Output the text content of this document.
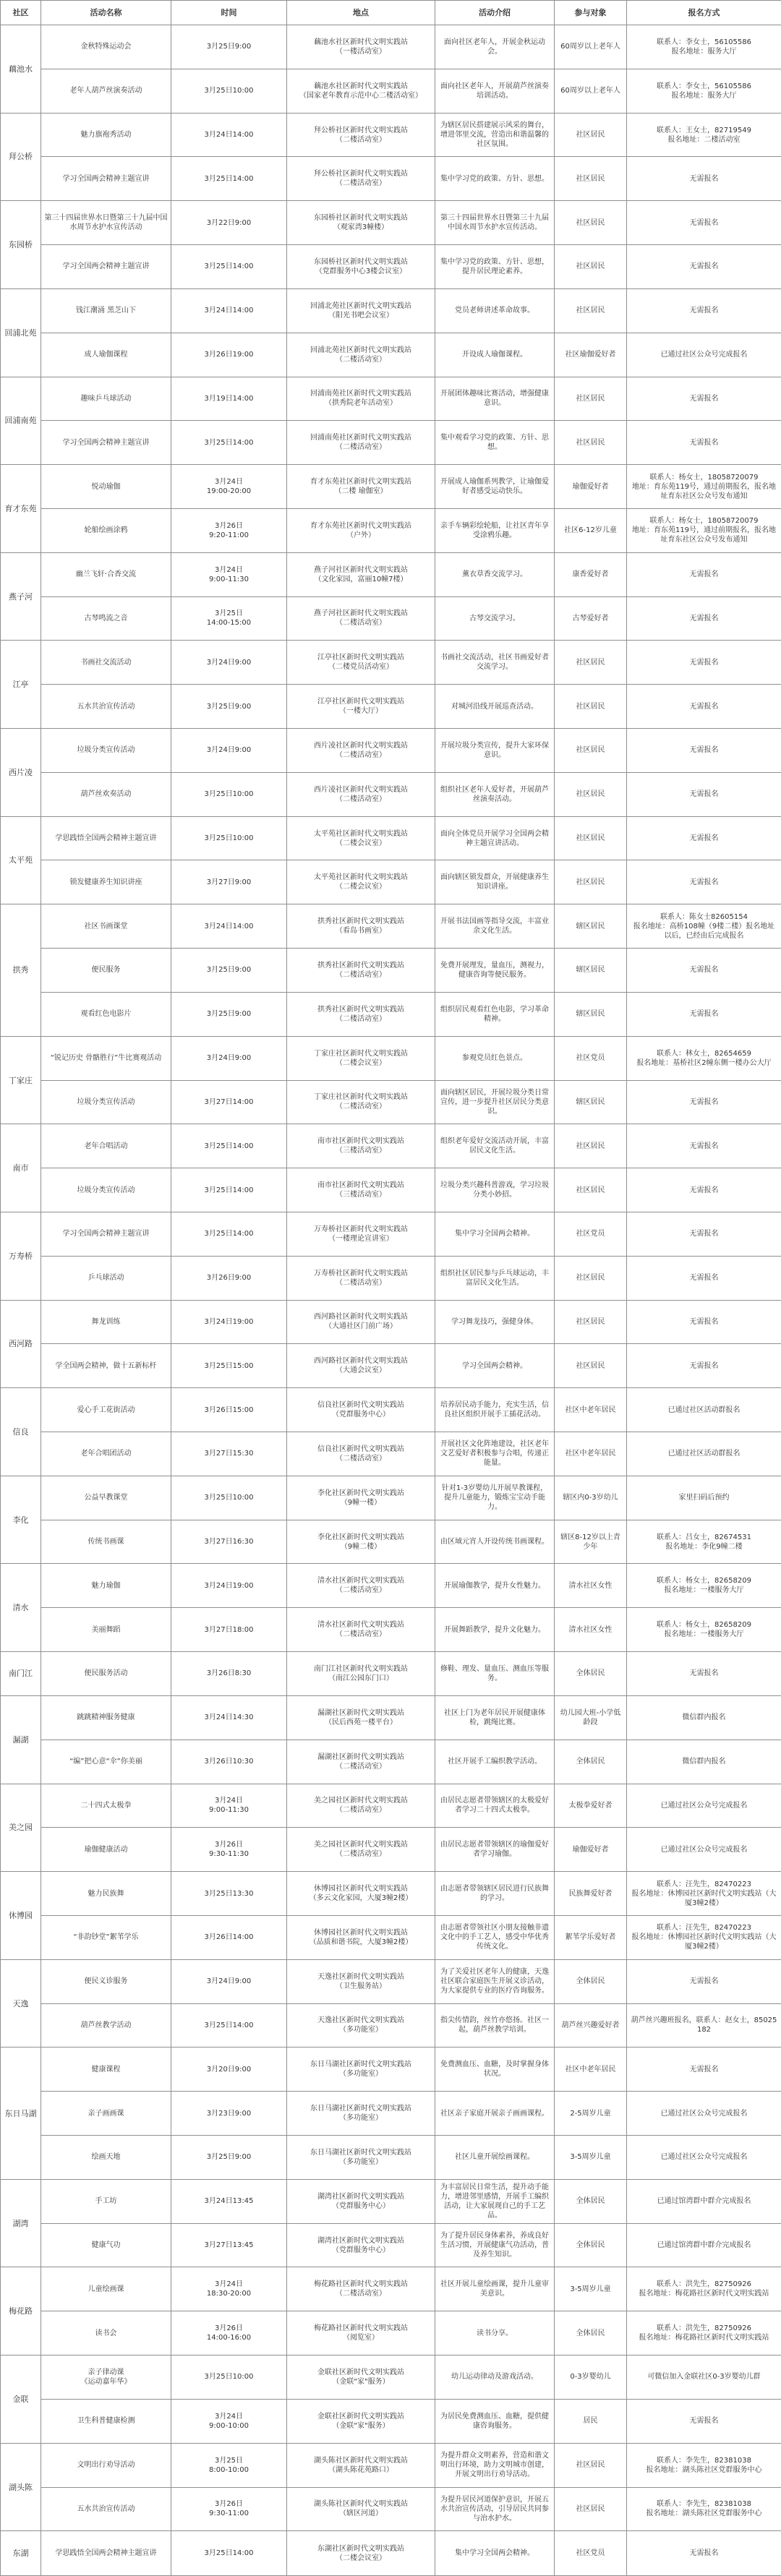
社区	活动名称	时间	地点	活动介绍	参与对象	报名方式
藕池水	金秋特殊运动会	3月25日9:00	藕池水社区新时代文明实践站
（一楼活动室）	面向社区老年人，开展金秋运动会。	60周岁以上老年人	联系人：李女士，56105586
报名地址：服务大厅
	老年人葫芦丝演奏活动	3月25日10:00	藕池水社区新时代文明实践站
（国家老年教育示范中心二楼活动室）	面向社区老年人，开展葫芦丝演奏培训活动。	60周岁以上老年人	联系人：李女士，56105586
报名地址：服务大厅
拜公桥	魅力旗袍秀活动	3月24日14:00	拜公桥社区新时代文明实践站
（二楼活动室）	为辖区居民搭建展示风采的舞台，增进邻里交流，营造出和谐温馨的社区氛围。	社区居民	联系人：王女士，82719549
报名地址：二楼活动室
	学习全国两会精神主题宣讲	3月25日14:00	拜公桥社区新时代文明实践站
（二楼活动室）	集中学习党的政策、方针、思想。	社区居民	无需报名
东园桥	第三十四届世界水日暨第三十九届中国水周节水护水宣传活动	3月22日9:00	东园桥社区新时代文明实践站
（观家湾3幢楼）	第三十四届世界水日暨第三十九届中国水周节水护水宣传活动。	社区居民	无需报名
	学习全国两会精神主题宣讲	3月25日14:00	东园桥社区新时代文明实践站
（党群服务中心3楼会议室）	集中学习党的政策、方针、思想，提升居民理论素养。	社区居民	无需报名
回浦北苑	钱江潮涌 黑芝山下	3月24日14:00	回浦北苑社区新时代文明实践站
（阳光书吧会议室）	党员老师讲述革命故事。	社区居民	无需报名
	成人瑜伽课程	3月26日19:00	回浦北苑社区新时代文明实践站
（二楼活动室）	开设成人瑜伽课程。	社区瑜伽爱好者	已通过社区公众号完成报名
回浦南苑	趣味乒乓球活动	3月19日14:00	回浦南苑社区新时代文明实践站
（拱秀院老年活动室）	开展团体趣味比赛活动，增强健康意识。	社区居民	无需报名
	学习全国两会精神主题宣讲	3月25日14:00	回浦南苑社区新时代文明实践站
（二楼活动室）	集中观看学习党的政策、方针、思想。	社区居民	无需报名
育才东苑	悦动瑜伽	3月24日
19:00-20:00	育才东苑社区新时代文明实践站
（二楼 瑜伽室）	开展成人瑜伽系列教学，让瑜伽爱好者感受运动快乐。	瑜伽爱好者	联系人：杨女士，18058720079
地址：育东苑119号，通过前期报名，报名地址育东社区公众号发布通知
	轮船绘画涂鸦	3月26日
9:20-11:00	育才东苑社区新时代文明实践站
（户外）	亲手车辆彩绘轮船，让社区青年享受涂鸦乐趣。	社区6-12岁儿童	联系人：杨女士，18058720079
地址：育东苑119号，通过前期报名，报名地址育东社区公众号发布通知
燕子河	幽兰飞轩·合香交流	3月24日
9:00-11:30	燕子河社区新时代文明实践站
（文化家园，富丽10幢7楼）	薰衣草香交流学习。	康香爱好者	无需报名
	古琴鸣流之音	3月25日
14:00-15:00	燕子河社区新时代文明实践站
（二楼活动室）	古琴交流学习。	古琴爱好者	无需报名
江亭	书画社交流活动	3月24日9:00	江亭社区新时代文明实践站
（二楼党员活动室）	书画社交流活动，社区书画爱好者交流学习。	社区居民	无需报名
	五水共治宣传活动	3月25日9:00	江亭社区新时代文明实践站
（一楼大厅）	对城河沿线开展巡查活动。	社区居民	无需报名
西片凌	垃圾分类宣传活动	3月24日9:00	西片凌社区新时代文明实践站
（二楼活动室）	开展垃圾分类宣传，提升大家环保意识。	社区居民	无需报名
	葫芦丝欢奏活动	3月25日10:00	西片凌社区新时代文明实践站
（二楼活动室）	组织社区老年人爱好者，开展葫芦丝演奏活动。	社区居民	无需报名
太平苑	学思践悟全国两会精神主题宣讲	3月25日10:00	太平苑社区新时代文明实践站
（二楼会议室）	面向全体党员开展学习全国两会精神主题宣讲活动。	社区居民	无需报名
	锁发健康养生知识讲座	3月27日9:00	太平苑社区新时代文明实践站
（二楼会议室）	面向辖区锁发群众，开展健康养生知识讲座。	社区居民	无需报名
拱秀	社区书画课堂	3月24日14:00	拱秀社区新时代文明实践站
（看岛书画室）	开展书法国画等指导交流，丰富业余文化生活。	辖区居民	联系人：陈女士82605154
报名地址：高桥108幢（9楼二楼）报名地址以后，已经由后完成报名
	便民服务	3月25日9:00	拱秀社区新时代文明实践站
（二楼活动室）	免费开展理发，量血压，测视力，健康咨询等便民服务。	辖区居民	无需报名
	观看红色电影片	3月25日9:00	拱秀社区新时代文明实践站
（二楼活动室）	组织居民观看红色电影，学习革命精神。	辖区居民	无需报名
丁家庄	“锐记历史 骨骼胜行”牛比赛观活动	3月24日9:00	丁家庄社区新时代文明实践站
（二楼会议室）	参观党员红色景点。	社区党员	联系人：林女士，82654659
报名地址：基桥社区2幢东侧一楼办公大厅
	垃圾分类宣传活动	3月27日14:00	丁家庄社区新时代文明实践站
（二楼活动室）	面向辖区居民，开展垃圾分类日常宣传，进一步提升社区居民分类意识。	辖区居民	无需报名
南市	老年合唱活动	3月25日14:00	南市社区新时代文明实践站
（三楼活动室）	组织老年爱好交流活动开展，丰富居民文化生活。	社区居民	无需报名
	垃圾分类宣传活动	3月25日14:00	南市社区新时代文明实践站
（三楼活动室）	垃圾分类兴趣科普游戏，学习垃圾分类小妙招。	社区居民	无需报名
万寿桥	学习全国两会精神主题宣讲	3月25日14:00	万寿桥社区新时代文明实践站
（一楼理论宣讲室）	集中学习全国两会精神。	社区党员	无需报名
	乒乓球活动	3月26日9:00	万寿桥社区新时代文明实践站
（二楼活动室）	组织社区居民参与乒乓球运动，丰富居民文化生活。	社区居民	无需报名
西河路	舞龙训练	3月24日19:00	西河路社区新时代文明实践站
（大通社区门前广场）	学习舞龙技巧，强健身体。	社区居民	无需报名
	学全国两会精神，做十五新标杆	3月25日15:00	西河路社区新时代文明实践站
（大通会议室）	学习全国两会精神。	社区居民	无需报名
信良	爱心手工花街活动	3月26日15:00	信良社区新时代文明实践站
（党群服务中心）	培养居民动手能力，充实生活，信良社区组织开展手工插花活动。	社区中老年居民	已通过社区活动群报名
	老年合唱团活动	3月27日15:30	信良社区新时代文明实践站
（二楼活动室）	开展社区文化阵地建设，社区老年文艺爱好者积极参与合唱，传递正能量。	社区中老年居民	已通过社区活动群报名
李化	公益早教课堂	3月25日10:00	李化社区新时代文明实践站
（9幢一楼）	针对1-3岁婴幼儿开展早教课程，提升儿童能力，锻炼宝宝动手能力。	辖区内0-3岁幼儿	家里扫码后预约
	传统书画课	3月27日16:30	李化社区新时代文明实践站
（9幢二楼）	由区域元宵人开设传统书画课程。	辖区8-12岁以上青少年	联系人：吕女士，82674531
报名地址：李化9幢二楼
清水	魅力瑜伽	3月24日19:00	清水社区新时代文明实践站
（二楼活动室）	开展瑜伽教学，提升女性魅力。	清水社区女性	联系人：杨女士，82658209
报名地址：一楼服务大厅
	美丽舞蹈	3月27日18:00	清水社区新时代文明实践站
（二楼活动室）	开展舞蹈教学，提升文化魅力。	清水社区女性	联系人：杨女士，82658209
报名地址：一楼服务大厅
南门江	便民服务活动	3月26日8:30	南门江社区新时代文明实践站
（南江公园东门口）	修鞋、理发、量血压、测血压等服务。	全体居民	无需报名
漏湖	跳跳精神服务健康	3月24日14:30	漏湖社区新时代文明实践站
（民后西苑一楼平台）	社区上门为老年居民开展健康体检，跳绳比赛。	幼儿园大班-小学低龄段	微信群内报名
	“编”把心意“伞”你美丽	3月26日10:30	漏湖社区新时代文明实践站
（二楼活动室）	社区开展手工编织教学活动。	全体居民	微信群内报名
美之园	二十四式太极拳	3月24日
9:00-11:30	美之园社区新时代文明实践站
（二楼活动室）	由居民志愿者带领辖区的太极爱好者学习二十四式太极拳。	太极拳爱好者	已通过社区公众号完成报名
	瑜伽健康活动	3月26日
9:30-11:30	美之园社区新时代文明实践站
（二楼活动室）	由居民志愿者带领辖区的瑜伽爱好者学习瑜伽。	瑜伽爱好者	已通过社区公众号完成报名
休博园	魅力民族舞	3月25日13:30	休博园社区新时代文明实践站
（多云文化家园，大厦3幢2楼）	由志愿者带领辖区居民进行民族舞的学习。	民族舞爱好者	联系人：汪先生，82470223
报名地址：休博园社区新时代文明实践站（大厦3幢2楼）
	“非韵钞堂”絮苇学乐	3月26日14:00	休博园社区新时代文明实践站
（品质和谐书院，大厦3幢2楼）	由志愿者带领社区小朋友接触非遗文化中的手工艺人，感受中华优秀传统文化。	絮苇学乐爱好者	联系人：汪先生，82470223
报名地址：休博园社区新时代文明实践站（大厦3幢2楼）
天逸	便民义诊服务	3月24日9:00	天逸社区新时代文明实践站
（卫生服务站）	为了关爱社区老年人的健康，天逸社区联合家庭医生开展义诊活动，为大家提供专业的医疗咨询服务。	全体居民	无需报名
	葫芦丝教学活动	3月25日14:00	天逸社区新时代文明实践站
（多功能室）	指尖传情韵，丝竹亦悠扬。社区一起，葫芦丝教学培训。	葫芦丝兴趣爱好者	葫芦丝兴趣班报名，联系人：赵女士，85025182
东日马湖	健康课程	3月20日9:00	东日马湖社区新时代文明实践站
（多功能室）	免费测血压、血糖，及时掌握身体状况。	社区中老年居民	无需报名
	亲子画画课	3月23日9:00	东日马湖社区新时代文明实践站
（多功能室）	社区亲子家庭开展亲子画画课程。	2-5周岁儿童	已通过社区公众号完成报名
	绘画天地	3月25日9:00	东日马湖社区新时代文明实践站
（多功能室）	社区儿童开展绘画课程。	3-5周岁儿童	已通过社区公众号完成报名
湖湾	手工坊	3月24日13:45	湖湾社区新时代文明实践站
（党群服务中心）	为丰富居民日常生活，提升动手能力，增进邻里感情，开展手工编织活动，让大家展现自己的手工艺品。	全体居民	已通过馆湾群中群介完成报名
	健康气功	3月27日13:45	湖湾社区新时代文明实践站
（党群服务中心）	为了提升居民身体素养，养成良好生活习惯，开展健康气功活动，普及养生知识。	全体居民	已通过馆湾群中群介完成报名
梅花路	儿童绘画课	3月24日
18:30-20:00	梅花路社区新时代文明实践站
（二楼活动室）	社区开展儿童绘画课，提升儿童审美意识。	3-5周岁儿童	联系人：洪先生，82750926
报名地址：梅花路社区新时代文明实践站
	读书会	3月26日
14:00-16:00	梅花路社区新时代文明实践站
（阅览室）	读书分享。	全体居民	联系人：洪先生，82750926
报名地址：梅花路社区新时代文明实践站
金联	亲子律动课
《运动嘉年华》	3月25日10:00	金联社区新时代文明实践站
（金联"家"服务）	幼儿运动律动及游戏活动。	0-3岁婴幼儿	可微信加入金联社区0-3岁婴幼儿群
	卫生科普健康检测	3月24日
9:00-10:00	金联社区新时代文明实践站
（金联"家"服务）	为居民免费测血压、血糖，提供健康咨询服务。	居民	无需报名
湖头陈	文明出行劝导活动	3月25日
8:00-10:00	湖头陈社区新时代文明实践站
（湖头陈花苑路口）	为提升群众文明素养，营造和谐文明出行环境，助力文明城市创建，开展文明出行劝导活动。	社区居民	联系人：李先生，82381038
报名地址：湖头陈社区党群服务中心
	五水共治宣传活动	3月26日
9:30-11:00	湖头陈社区新时代文明实践站
（辖区河道）	为提升居民河道保护意识，开展五水共治宣传活动，引导居民共同参与治水护水。	社区居民	联系人：李先生，82381038
报名地址：湖头陈社区党群服务中心
东湖	学思践悟全国两会精神主题宣讲	3月25日14:00	东湖社区新时代文明实践站
（二楼会议室）	集中学习全国两会精神。	社区党员	无需报名
